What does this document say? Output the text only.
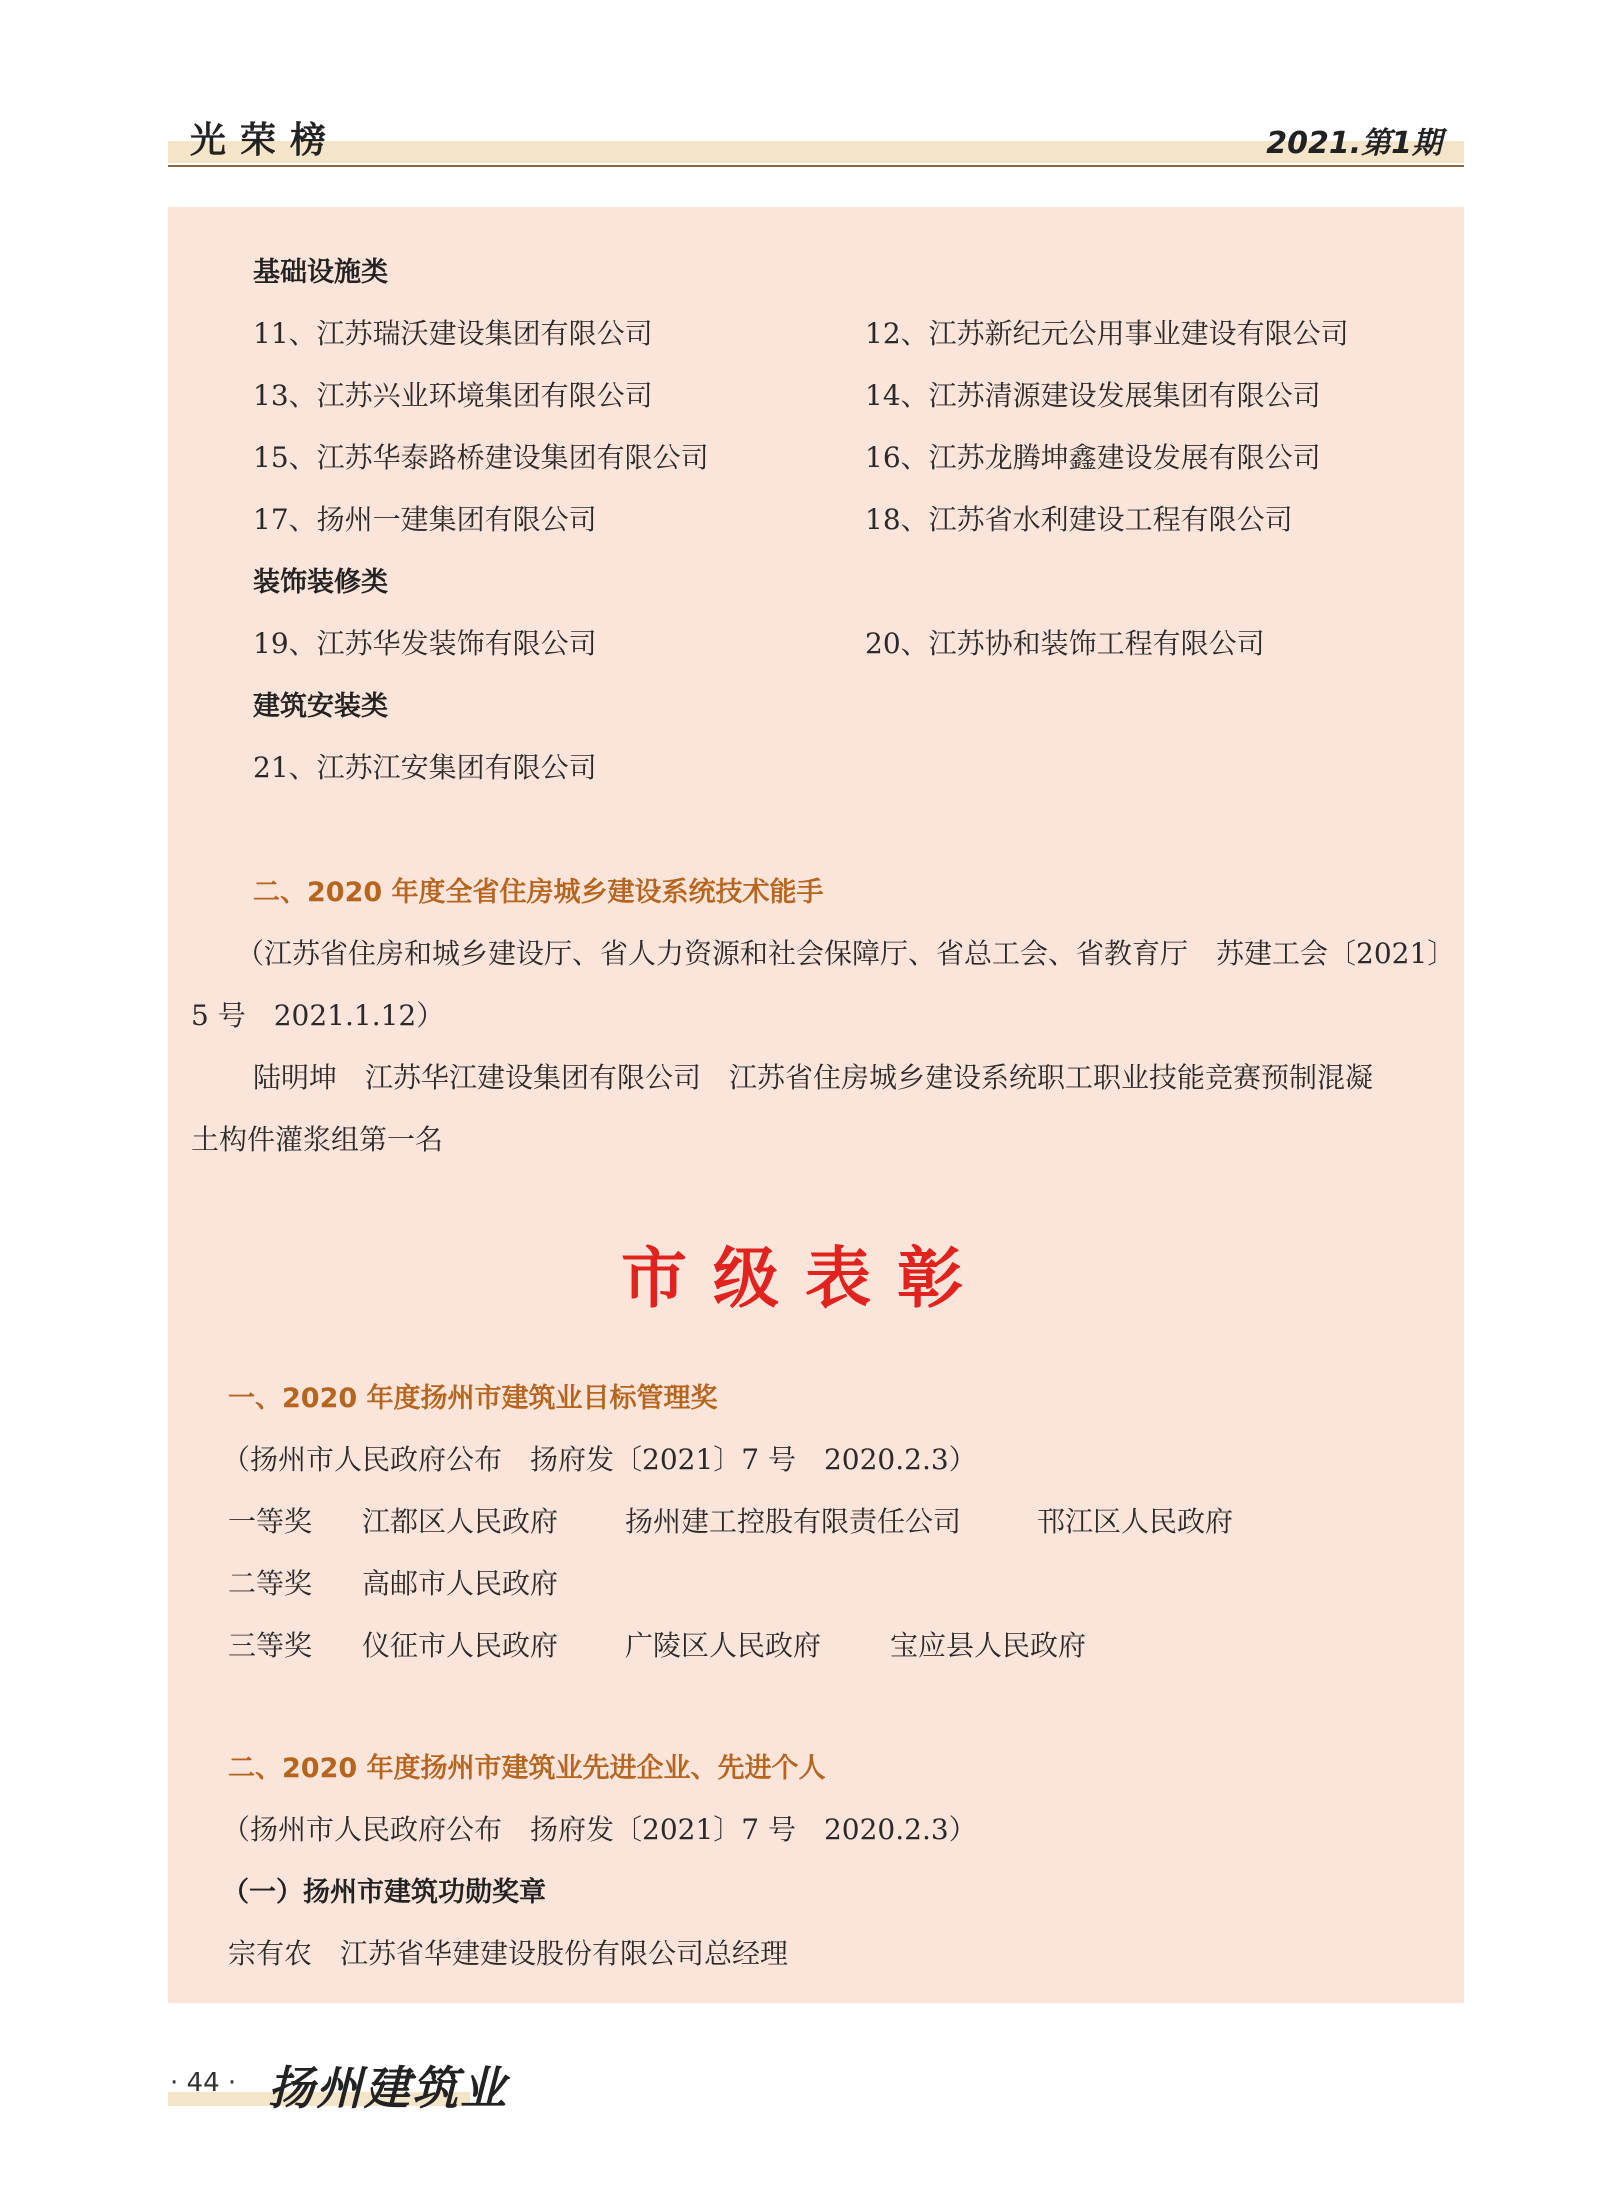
光荣榜	2021.第1期
基础设施类
11、江苏瑞沃建设集团有限公司	12、江苏新纪元公用事业建设有限公司
13、江苏兴业环境集团有限公司	14、江苏清源建设发展集团有限公司
15、江苏华泰路桥建设集团有限公司	16、江苏龙腾坤鑫建设发展有限公司
17、扬州一建集团有限公司	18、江苏省水利建设工程有限公司
装饰装修类
19、江苏华发装饰有限公司	20、江苏协和装饰工程有限公司
建筑安装类
21、江苏江安集团有限公司
二、2020 年度全省住房城乡建设系统技术能手
（江苏省住房和城乡建设厅、省人力资源和社会保障厅、省总工会、省教育厅　苏建工会〔2021〕
5 号　2021.1.12）
陆明坤　江苏华江建设集团有限公司　江苏省住房城乡建设系统职工职业技能竞赛预制混凝
土构件灌浆组第一名
市级表彰
一、2020 年度扬州市建筑业目标管理奖
（扬州市人民政府公布　扬府发〔2021〕7 号　2020.2.3）
一等奖 江都区人民政府 扬州建工控股有限责任公司	邗江区人民政府
二等奖 高邮市人民政府
三等奖 仪征市人民政府 广陵区人民政府 宝应县人民政府
二、2020 年度扬州市建筑业先进企业、先进个人
（扬州市人民政府公布　扬府发〔2021〕7 号　2020.2.3）
（一）扬州市建筑功勋奖章
宗有农　江苏省华建建设股份有限公司总经理
· 44 · 扬州建筑业
